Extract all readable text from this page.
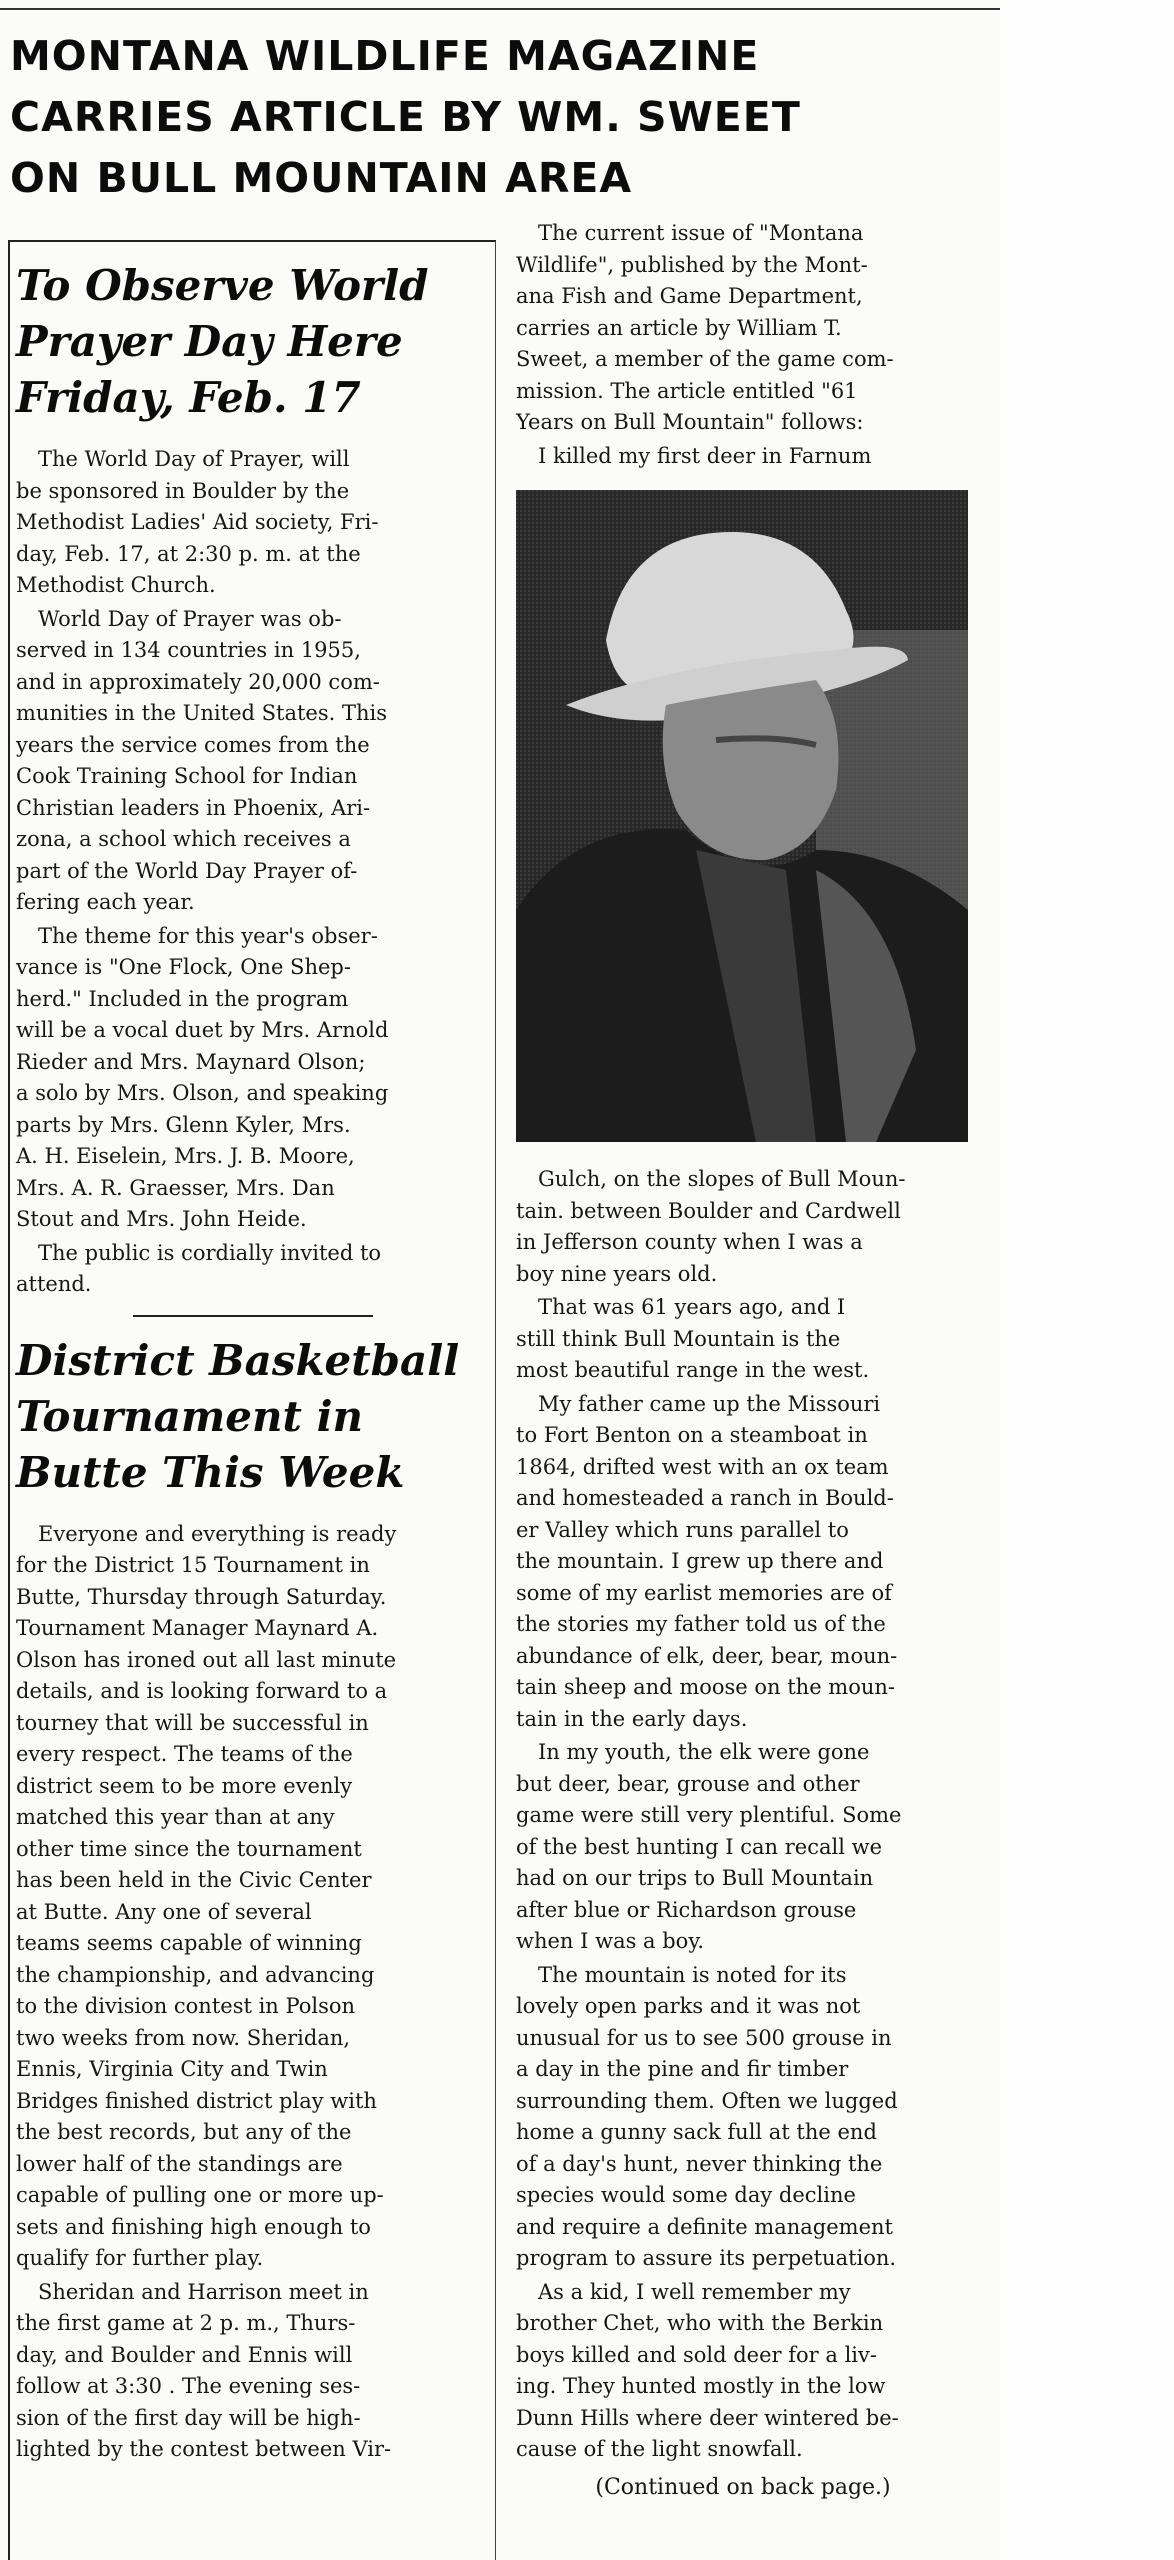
MONTANA WILDLIFE MAGAZINE
CARRIES ARTICLE BY WM. SWEET
ON BULL MOUNTAIN AREA
To Observe World
Prayer Day Here
Friday, Feb. 17
The World Day of Prayer, will
be sponsored in Boulder by the
Methodist Ladies' Aid society, Fri-
day, Feb. 17, at 2:30 p. m. at the
Methodist Church.
World Day of Prayer was ob-
served in 134 countries in 1955,
and in approximately 20,000 com-
munities in the United States. This
years the service comes from the
Cook Training School for Indian
Christian leaders in Phoenix, Ari-
zona, a school which receives a
part of the World Day Prayer of-
fering each year.
The theme for this year's obser-
vance is "One Flock, One Shep-
herd." Included in the program
will be a vocal duet by Mrs. Arnold
Rieder and Mrs. Maynard Olson;
a solo by Mrs. Olson, and speaking
parts by Mrs. Glenn Kyler, Mrs.
A. H. Eiselein, Mrs. J. B. Moore,
Mrs. A. R. Graesser, Mrs. Dan
Stout and Mrs. John Heide.
The public is cordially invited to
attend.
District Basketball
Tournament in
Butte This Week
Everyone and everything is ready
for the District 15 Tournament in
Butte, Thursday through Saturday.
Tournament Manager Maynard A.
Olson has ironed out all last minute
details, and is looking forward to a
tourney that will be successful in
every respect. The teams of the
district seem to be more evenly
matched this year than at any
other time since the tournament
has been held in the Civic Center
at Butte. Any one of several
teams seems capable of winning
the championship, and advancing
to the division contest in Polson
two weeks from now. Sheridan,
Ennis, Virginia City and Twin
Bridges finished district play with
the best records, but any of the
lower half of the standings are
capable of pulling one or more up-
sets and finishing high enough to
qualify for further play.
Sheridan and Harrison meet in
the first game at 2 p. m., Thurs-
day, and Boulder and Ennis will
follow at 3:30 . The evening ses-
sion of the first day will be high-
lighted by the contest between Vir-
The current issue of "Montana
Wildlife", published by the Mont-
ana Fish and Game Department,
carries an article by William T.
Sweet, a member of the game com-
mission. The article entitled "61
Years on Bull Mountain" follows:
I killed my first deer in Farnum
Gulch, on the slopes of Bull Moun-
tain. between Boulder and Cardwell
in Jefferson county when I was a
boy nine years old.
That was 61 years ago, and I
still think Bull Mountain is the
most beautiful range in the west.
My father came up the Missouri
to Fort Benton on a steamboat in
1864, drifted west with an ox team
and homesteaded a ranch in Bould-
er Valley which runs parallel to
the mountain. I grew up there and
some of my earlist memories are of
the stories my father told us of the
abundance of elk, deer, bear, moun-
tain sheep and moose on the moun-
tain in the early days.
In my youth, the elk were gone
but deer, bear, grouse and other
game were still very plentiful. Some
of the best hunting I can recall we
had on our trips to Bull Mountain
after blue or Richardson grouse
when I was a boy.
The mountain is noted for its
lovely open parks and it was not
unusual for us to see 500 grouse in
a day in the pine and fir timber
surrounding them. Often we lugged
home a gunny sack full at the end
of a day's hunt, never thinking the
species would some day decline
and require a definite management
program to assure its perpetuation.
As a kid, I well remember my
brother Chet, who with the Berkin
boys killed and sold deer for a liv-
ing. They hunted mostly in the low
Dunn Hills where deer wintered be-
cause of the light snowfall.
(Continued on back page.)
